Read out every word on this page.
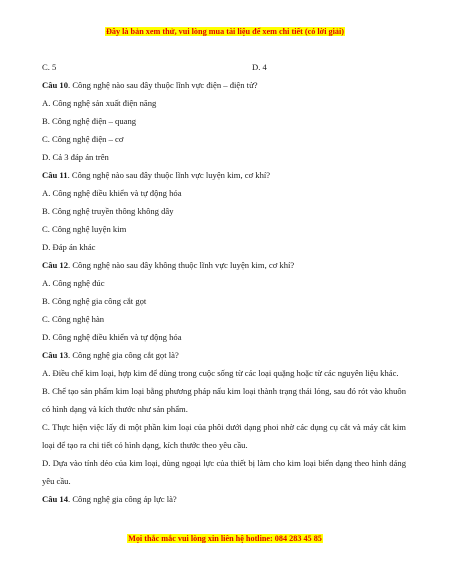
Đây là bản xem thử, vui lòng mua tài liệu để xem chi tiết (có lời giải)
C. 5	D. 4
Câu 10. Công nghệ nào sau đây thuộc lĩnh vực điện – điện tử?
A. Công nghệ sản xuất điện năng
B. Công nghệ điện – quang
C. Công nghệ điện – cơ
D. Cả 3 đáp án trên
Câu 11. Công nghệ nào sau đây thuộc lĩnh vực luyện kim, cơ khí?
A. Công nghệ điều khiển và tự động hóa
B. Công nghệ truyền thông không dây
C. Công nghệ luyện kim
D. Đáp án khác
Câu 12. Công nghệ nào sau đây không thuộc lĩnh vực luyện kim, cơ khí?
A. Công nghệ đúc
B. Công nghệ gia công cắt gọt
C. Công nghệ hàn
D. Công nghệ điều khiển và tự động hóa
Câu 13. Công nghệ gia công cắt gọt là?
A. Điều chế kim loại, hợp kim để dùng trong cuộc sống từ các loại quặng hoặc từ các nguyên liệu khác.
B. Chế tạo sản phẩm kim loại bằng phương pháp nấu kim loại thành trạng thái lỏng, sau đó rót vào khuôn có hình dạng và kích thước như sản phẩm.
C. Thực hiện việc lấy đi một phần kim loại của phôi dưới dạng phoi nhờ các dụng cụ cắt và máy cắt kim loại để tạo ra chi tiết có hình dạng, kích thước theo yêu cầu.
D. Dựa vào tính dẻo của kim loại, dùng ngoại lực của thiết bị làm cho kim loại biến dạng theo hình dáng yêu cầu.
Câu 14. Công nghệ gia công áp lực là?
Mọi thắc mắc vui lòng xin liên hệ hotline: 084 283 45 85
